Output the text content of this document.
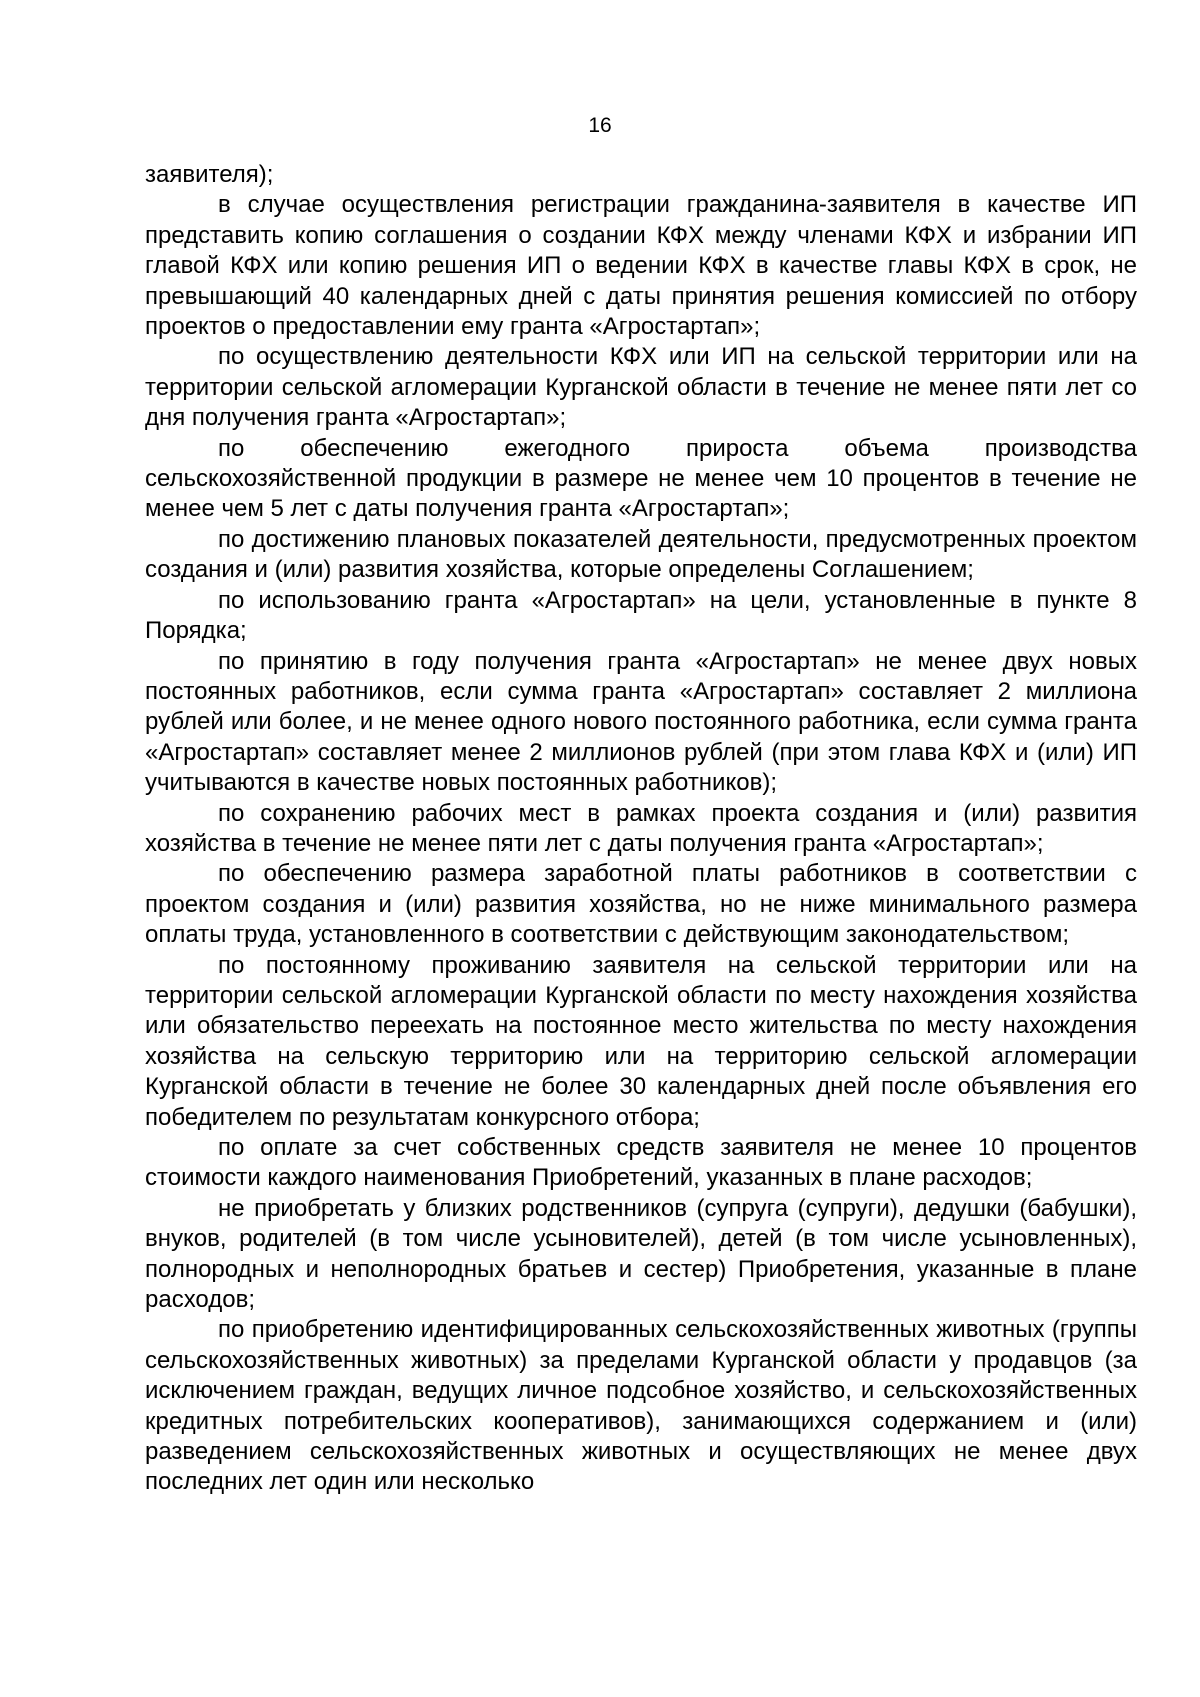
16

заявителя);

в случае осуществления регистрации гражданина-заявителя в качестве ИП представить копию соглашения о создании КФХ между членами КФХ и избрании ИП главой КФХ или копию решения ИП о ведении КФХ в качестве главы КФХ в срок, не превышающий 40 календарных дней с даты принятия решения комиссией по отбору проектов о предоставлении ему гранта «Агростартап»;

по осуществлению деятельности КФХ или ИП на сельской территории или на территории сельской агломерации Курганской области в течение не менее пяти лет со дня получения гранта «Агростартап»;

по обеспечению ежегодного прироста объема производства сельскохозяйственной продукции в размере не менее чем 10 процентов в течение не менее чем 5 лет с даты получения гранта «Агростартап»;

по достижению плановых показателей деятельности, предусмотренных проектом создания и (или) развития хозяйства, которые определены Соглашением;

по использованию гранта «Агростартап» на цели, установленные в пункте 8 Порядка;

по принятию в году получения гранта «Агростартап» не менее двух новых постоянных работников, если сумма гранта «Агростартап» составляет 2 миллиона рублей или более, и не менее одного нового постоянного работника, если сумма гранта «Агростартап» составляет менее 2 миллионов рублей (при этом глава КФХ и (или) ИП учитываются в качестве новых постоянных работников);

по сохранению рабочих мест в рамках проекта создания и (или) развития хозяйства в течение не менее пяти лет с даты получения гранта «Агростартап»;

по обеспечению размера заработной платы работников в соответствии с проектом создания и (или) развития хозяйства, но не ниже минимального размера оплаты труда, установленного в соответствии с действующим законодательством;

по постоянному проживанию заявителя на сельской территории или на территории сельской агломерации Курганской области по месту нахождения хозяйства или обязательство переехать на постоянное место жительства по месту нахождения хозяйства на сельскую территорию или на территорию сельской агломерации Курганской области в течение не более 30 календарных дней после объявления его победителем по результатам конкурсного отбора;

по оплате за счет собственных средств заявителя не менее 10 процентов стоимости каждого наименования Приобретений, указанных в плане расходов;

не приобретать у близких родственников (супруга (супруги), дедушки (бабушки), внуков, родителей (в том числе усыновителей), детей (в том числе усыновленных), полнородных и неполнородных братьев и сестер) Приобретения, указанные в плане расходов;

по приобретению идентифицированных сельскохозяйственных животных (группы сельскохозяйственных животных) за пределами Курганской области у продавцов (за исключением граждан, ведущих личное подсобное хозяйство, и сельскохозяйственных кредитных потребительских кооперативов), занимающихся содержанием и (или) разведением сельскохозяйственных животных и осуществляющих не менее двух последних лет один или несколько
